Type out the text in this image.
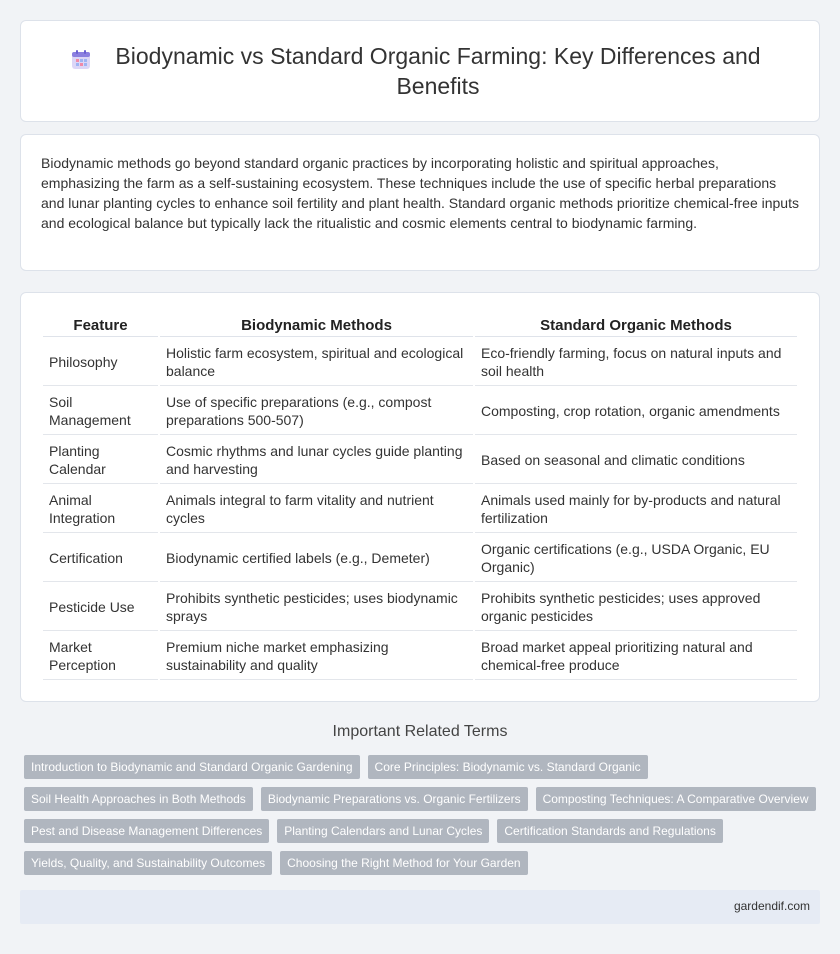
Biodynamic vs Standard Organic Farming: Key Differences and Benefits

Biodynamic methods go beyond standard organic practices by incorporating holistic and spiritual approaches, emphasizing the farm as a self-sustaining ecosystem. These techniques include the use of specific herbal preparations and lunar planting cycles to enhance soil fertility and plant health. Standard organic methods prioritize chemical-free inputs and ecological balance but typically lack the ritualistic and cosmic elements central to biodynamic farming.

Feature	Biodynamic Methods	Standard Organic Methods
Philosophy	Holistic farm ecosystem, spiritual and ecological balance	Eco-friendly farming, focus on natural inputs and soil health
Soil Management	Use of specific preparations (e.g., compost preparations 500-507)	Composting, crop rotation, organic amendments
Planting Calendar	Cosmic rhythms and lunar cycles guide planting and harvesting	Based on seasonal and climatic conditions
Animal Integration	Animals integral to farm vitality and nutrient cycles	Animals used mainly for by-products and natural fertilization
Certification	Biodynamic certified labels (e.g., Demeter)	Organic certifications (e.g., USDA Organic, EU Organic)
Pesticide Use	Prohibits synthetic pesticides; uses biodynamic sprays	Prohibits synthetic pesticides; uses approved organic pesticides
Market Perception	Premium niche market emphasizing sustainability and quality	Broad market appeal prioritizing natural and chemical-free produce
Important Related Terms
Introduction to Biodynamic and Standard Organic Gardening	Core Principles: Biodynamic vs. Standard Organic
Soil Health Approaches in Both Methods	Biodynamic Preparations vs. Organic Fertilizers	Composting Techniques: A Comparative Overview
Pest and Disease Management Differences	Planting Calendars and Lunar Cycles	Certification Standards and Regulations
Yields, Quality, and Sustainability Outcomes	Choosing the Right Method for Your Garden
gardendif.com
